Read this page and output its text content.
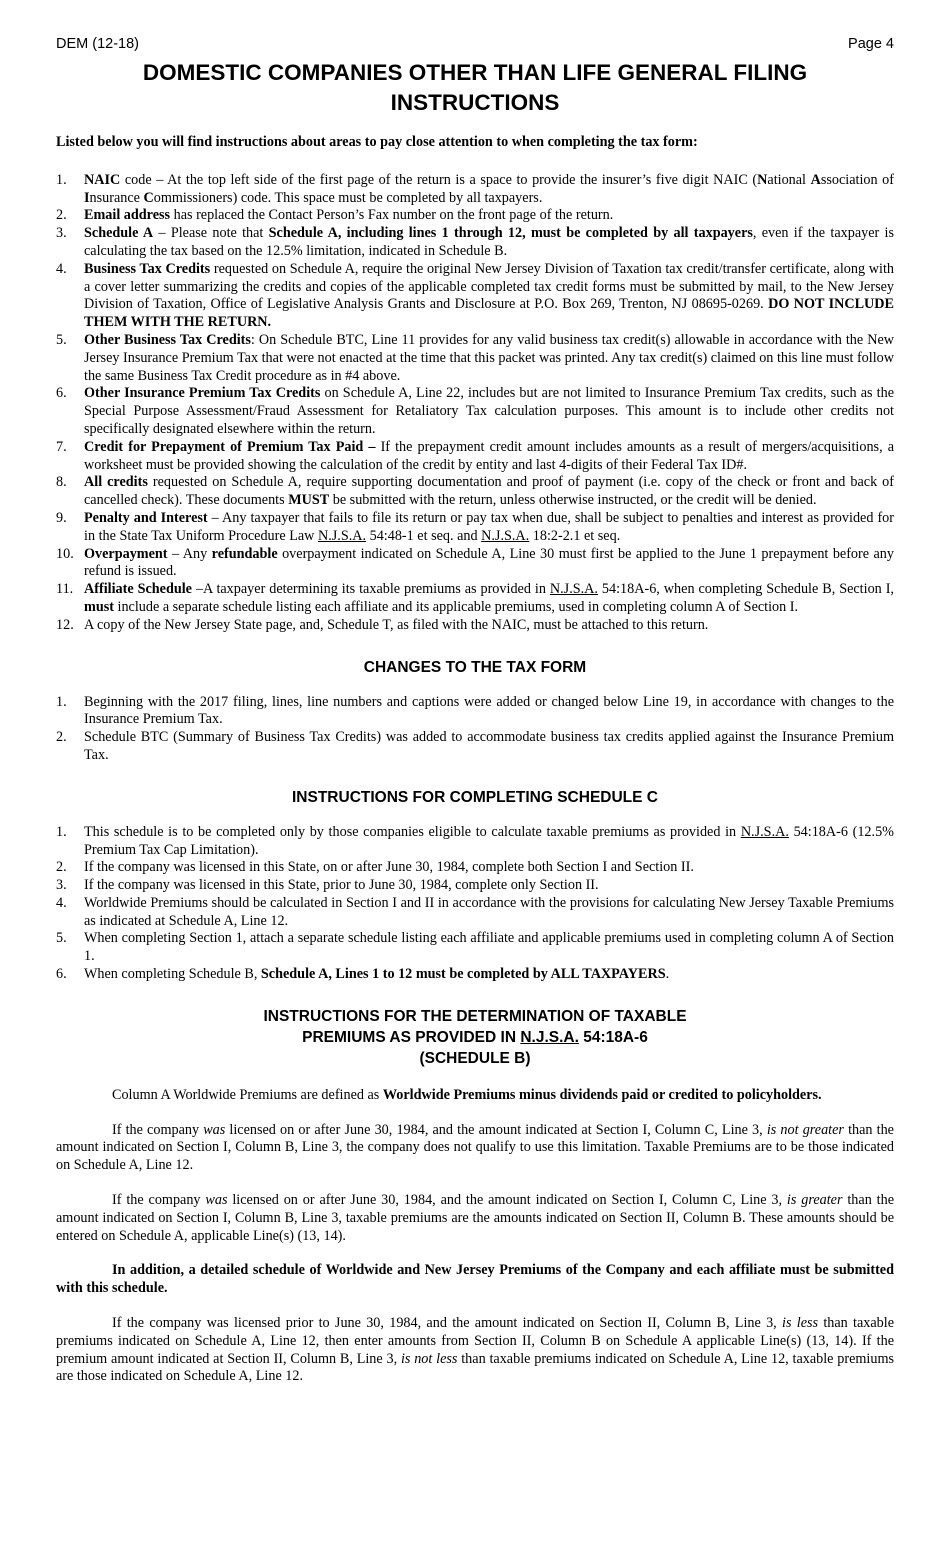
DEM (12-18)	Page 4
DOMESTIC COMPANIES OTHER THAN LIFE GENERAL FILING INSTRUCTIONS
Listed below you will find instructions about areas to pay close attention to when completing the tax form:
1. NAIC code – At the top left side of the first page of the return is a space to provide the insurer’s five digit NAIC (National Association of Insurance Commissioners) code. This space must be completed by all taxpayers.
2. Email address has replaced the Contact Person’s Fax number on the front page of the return.
3. Schedule A – Please note that Schedule A, including lines 1 through 12, must be completed by all taxpayers, even if the taxpayer is calculating the tax based on the 12.5% limitation, indicated in Schedule B.
4. Business Tax Credits requested on Schedule A, require the original New Jersey Division of Taxation tax credit/transfer certificate, along with a cover letter summarizing the credits and copies of the applicable completed tax credit forms must be submitted by mail, to the New Jersey Division of Taxation, Office of Legislative Analysis Grants and Disclosure at P.O. Box 269, Trenton, NJ 08695-0269. DO NOT INCLUDE THEM WITH THE RETURN.
5. Other Business Tax Credits: On Schedule BTC, Line 11 provides for any valid business tax credit(s) allowable in accordance with the New Jersey Insurance Premium Tax that were not enacted at the time that this packet was printed. Any tax credit(s) claimed on this line must follow the same Business Tax Credit procedure as in #4 above.
6. Other Insurance Premium Tax Credits on Schedule A, Line 22, includes but are not limited to Insurance Premium Tax credits, such as the Special Purpose Assessment/Fraud Assessment for Retaliatory Tax calculation purposes. This amount is to include other credits not specifically designated elsewhere within the return.
7. Credit for Prepayment of Premium Tax Paid – If the prepayment credit amount includes amounts as a result of mergers/acquisitions, a worksheet must be provided showing the calculation of the credit by entity and last 4-digits of their Federal Tax ID#.
8. All credits requested on Schedule A, require supporting documentation and proof of payment (i.e. copy of the check or front and back of cancelled check). These documents MUST be submitted with the return, unless otherwise instructed, or the credit will be denied.
9. Penalty and Interest – Any taxpayer that fails to file its return or pay tax when due, shall be subject to penalties and interest as provided for in the State Tax Uniform Procedure Law N.J.S.A. 54:48-1 et seq. and N.J.S.A. 18:2-2.1 et seq.
10. Overpayment – Any refundable overpayment indicated on Schedule A, Line 30 must first be applied to the June 1 prepayment before any refund is issued.
11. Affiliate Schedule –A taxpayer determining its taxable premiums as provided in N.J.S.A. 54:18A-6, when completing Schedule B, Section I, must include a separate schedule listing each affiliate and its applicable premiums, used in completing column A of Section I.
12. A copy of the New Jersey State page, and, Schedule T, as filed with the NAIC, must be attached to this return.
CHANGES TO THE TAX FORM
1. Beginning with the 2017 filing, lines, line numbers and captions were added or changed below Line 19, in accordance with changes to the Insurance Premium Tax.
2. Schedule BTC (Summary of Business Tax Credits) was added to accommodate business tax credits applied against the Insurance Premium Tax.
INSTRUCTIONS FOR COMPLETING SCHEDULE C
1. This schedule is to be completed only by those companies eligible to calculate taxable premiums as provided in N.J.S.A. 54:18A-6 (12.5% Premium Tax Cap Limitation).
2. If the company was licensed in this State, on or after June 30, 1984, complete both Section I and Section II.
3. If the company was licensed in this State, prior to June 30, 1984, complete only Section II.
4. Worldwide Premiums should be calculated in Section I and II in accordance with the provisions for calculating New Jersey Taxable Premiums as indicated at Schedule A, Line 12.
5. When completing Section 1, attach a separate schedule listing each affiliate and applicable premiums used in completing column A of Section 1.
6. When completing Schedule B, Schedule A, Lines 1 to 12 must be completed by ALL TAXPAYERS.
INSTRUCTIONS FOR THE DETERMINATION OF TAXABLE
PREMIUMS AS PROVIDED IN N.J.S.A. 54:18A-6
(SCHEDULE B)

Column A Worldwide Premiums are defined as Worldwide Premiums minus dividends paid or credited to policyholders.

If the company was licensed on or after June 30, 1984, and the amount indicated at Section I, Column C, Line 3, is not greater than the amount indicated on Section I, Column B, Line 3, the company does not qualify to use this limitation. Taxable Premiums are to be those indicated on Schedule A, Line 12.

If the company was licensed on or after June 30, 1984, and the amount indicated on Section I, Column C, Line 3, is greater than the amount indicated on Section I, Column B, Line 3, taxable premiums are the amounts indicated on Section II, Column B. These amounts should be entered on Schedule A, applicable Line(s) (13, 14).

In addition, a detailed schedule of Worldwide and New Jersey Premiums of the Company and each affiliate must be submitted with this schedule.

If the company was licensed prior to June 30, 1984, and the amount indicated on Section II, Column B, Line 3, is less than taxable premiums indicated on Schedule A, Line 12, then enter amounts from Section II, Column B on Schedule A applicable Line(s) (13, 14). If the premium amount indicated at Section II, Column B, Line 3, is not less than taxable premiums indicated on Schedule A, Line 12, taxable premiums are those indicated on Schedule A, Line 12.
